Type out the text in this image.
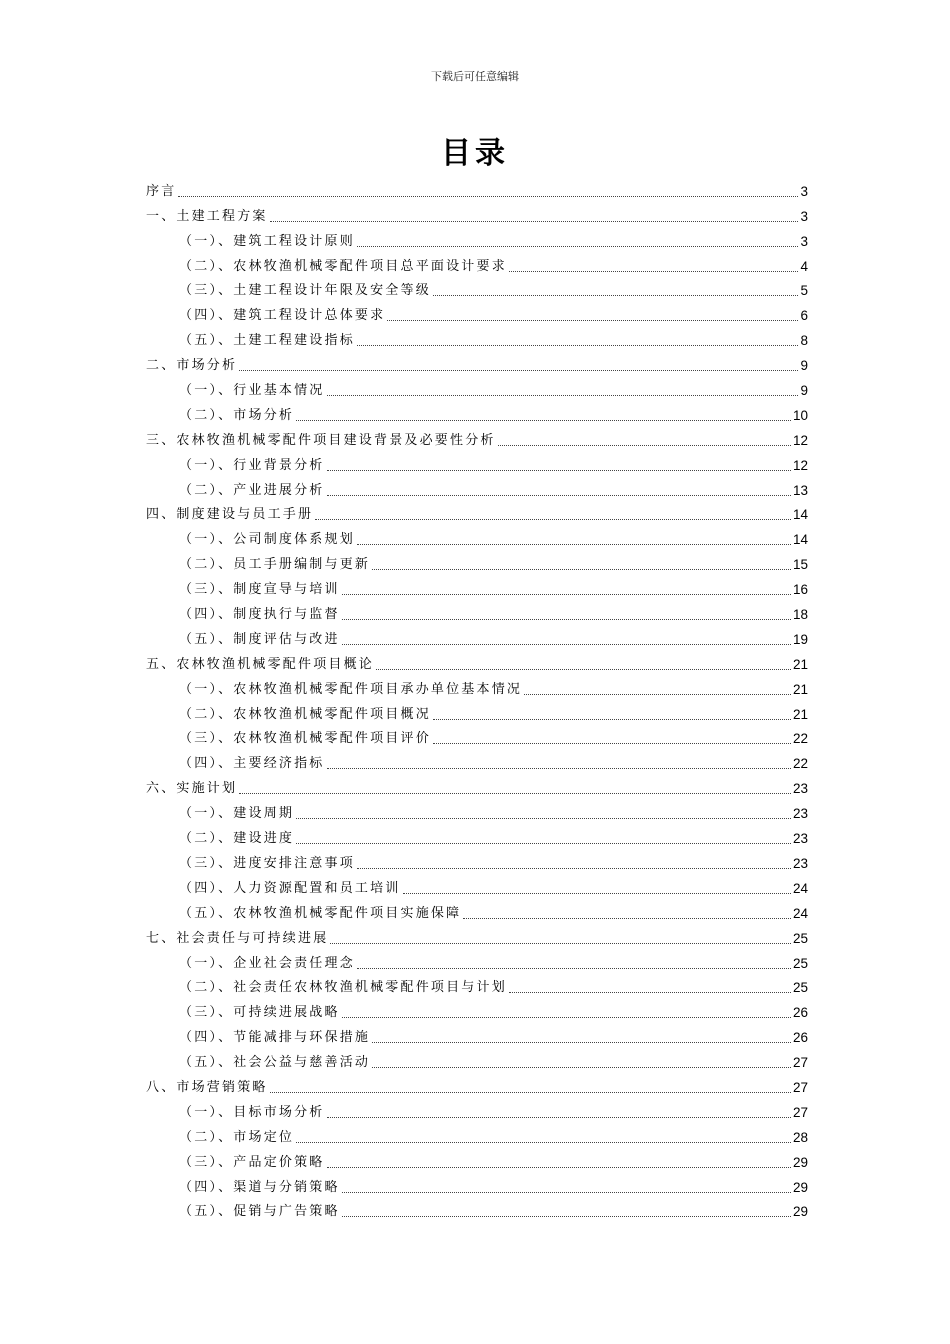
下载后可任意编辑
目录
序言	3
一、土建工程方案	3
（一）、建筑工程设计原则	3
（二）、农林牧渔机械零配件项目总平面设计要求	4
（三）、土建工程设计年限及安全等级	5
（四）、建筑工程设计总体要求	6
（五）、土建工程建设指标	8
二、市场分析	9
（一）、行业基本情况	9
（二）、市场分析	10
三、农林牧渔机械零配件项目建设背景及必要性分析	12
（一）、行业背景分析	12
（二）、产业进展分析	13
四、制度建设与员工手册	14
（一）、公司制度体系规划	14
（二）、员工手册编制与更新	15
（三）、制度宣导与培训	16
（四）、制度执行与监督	18
（五）、制度评估与改进	19
五、农林牧渔机械零配件项目概论	21
（一）、农林牧渔机械零配件项目承办单位基本情况	21
（二）、农林牧渔机械零配件项目概况	21
（三）、农林牧渔机械零配件项目评价	22
（四）、主要经济指标	22
六、实施计划	23
（一）、建设周期	23
（二）、建设进度	23
（三）、进度安排注意事项	23
（四）、人力资源配置和员工培训	24
（五）、农林牧渔机械零配件项目实施保障	24
七、社会责任与可持续进展	25
（一）、企业社会责任理念	25
（二）、社会责任农林牧渔机械零配件项目与计划	25
（三）、可持续进展战略	26
（四）、节能减排与环保措施	26
（五）、社会公益与慈善活动	27
八、市场营销策略	27
（一）、目标市场分析	27
（二）、市场定位	28
（三）、产品定价策略	29
（四）、渠道与分销策略	29
（五）、促销与广告策略	29
